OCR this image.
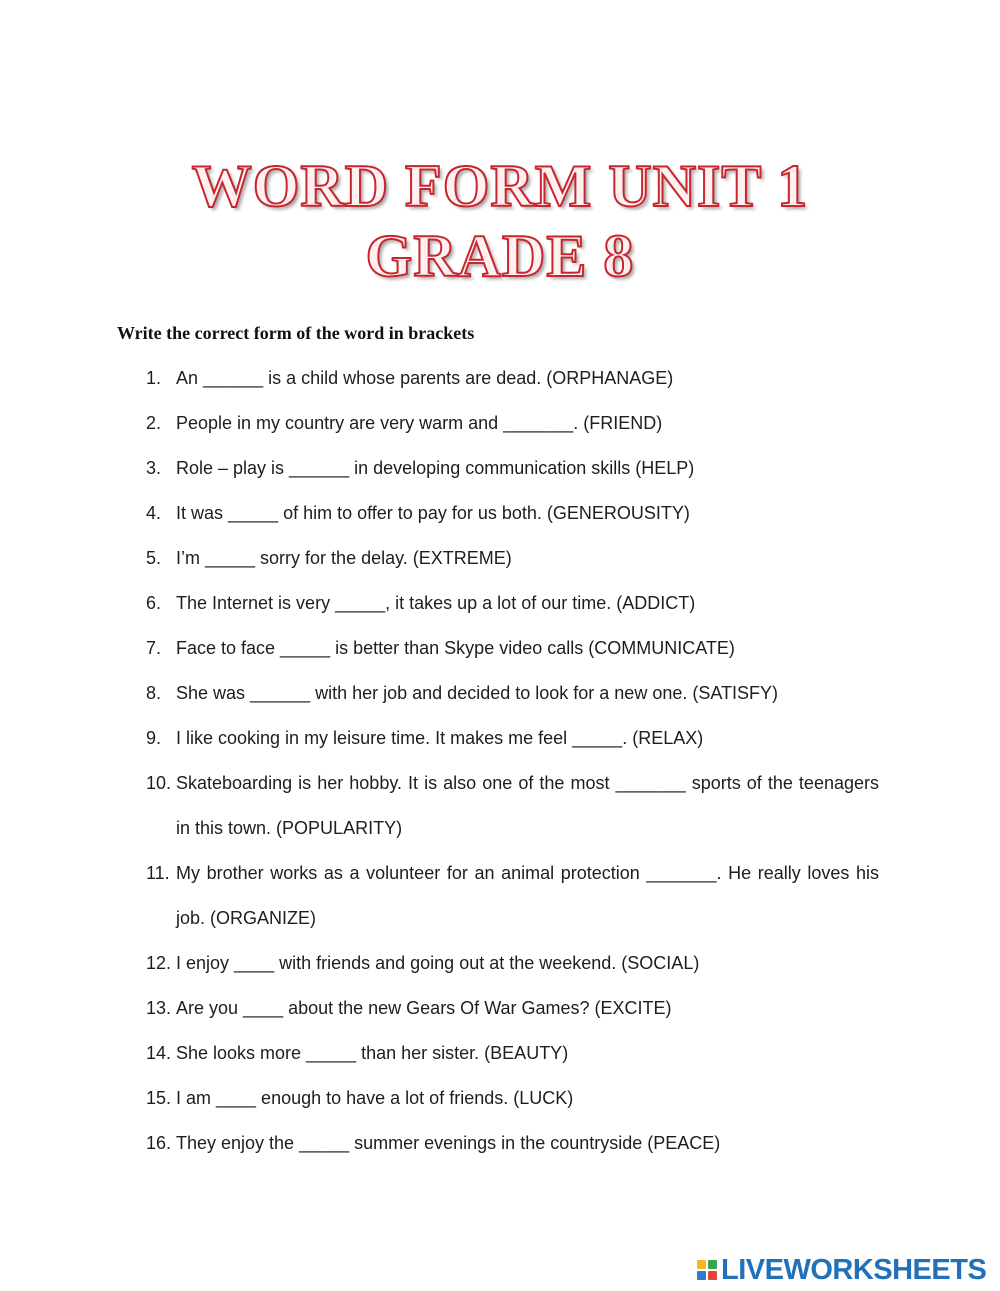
WORD FORM UNIT 1
GRADE 8
Write the correct form of the word in brackets
1. An ______ is a child whose parents are dead. (ORPHANAGE)
2. People in my country are very warm and _______. (FRIEND)
3. Role – play is ______ in developing communication skills (HELP)
4. It was _____ of him to offer to pay for us both. (GENEROUSITY)
5. I’m _____ sorry for the delay. (EXTREME)
6. The Internet is very _____, it takes up a lot of our time. (ADDICT)
7. Face to face _____ is better than Skype video calls (COMMUNICATE)
8. She was ______ with her job and decided to look for a new one. (SATISFY)
9. I like cooking in my leisure time. It makes me feel _____. (RELAX)
10. Skateboarding is her hobby. It is also one of the most _______ sports of the teenagers in this town. (POPULARITY)
11. My brother works as a volunteer for an animal protection _______. He really loves his job. (ORGANIZE)
12. I enjoy ____ with friends and going out at the weekend. (SOCIAL)
13. Are you ____ about the new Gears Of War Games? (EXCITE)
14. She looks more _____ than her sister. (BEAUTY)
15. I am ____ enough to have a lot of friends. (LUCK)
16. They enjoy the _____ summer evenings in the countryside (PEACE)
LIVEWORKSHEETS
